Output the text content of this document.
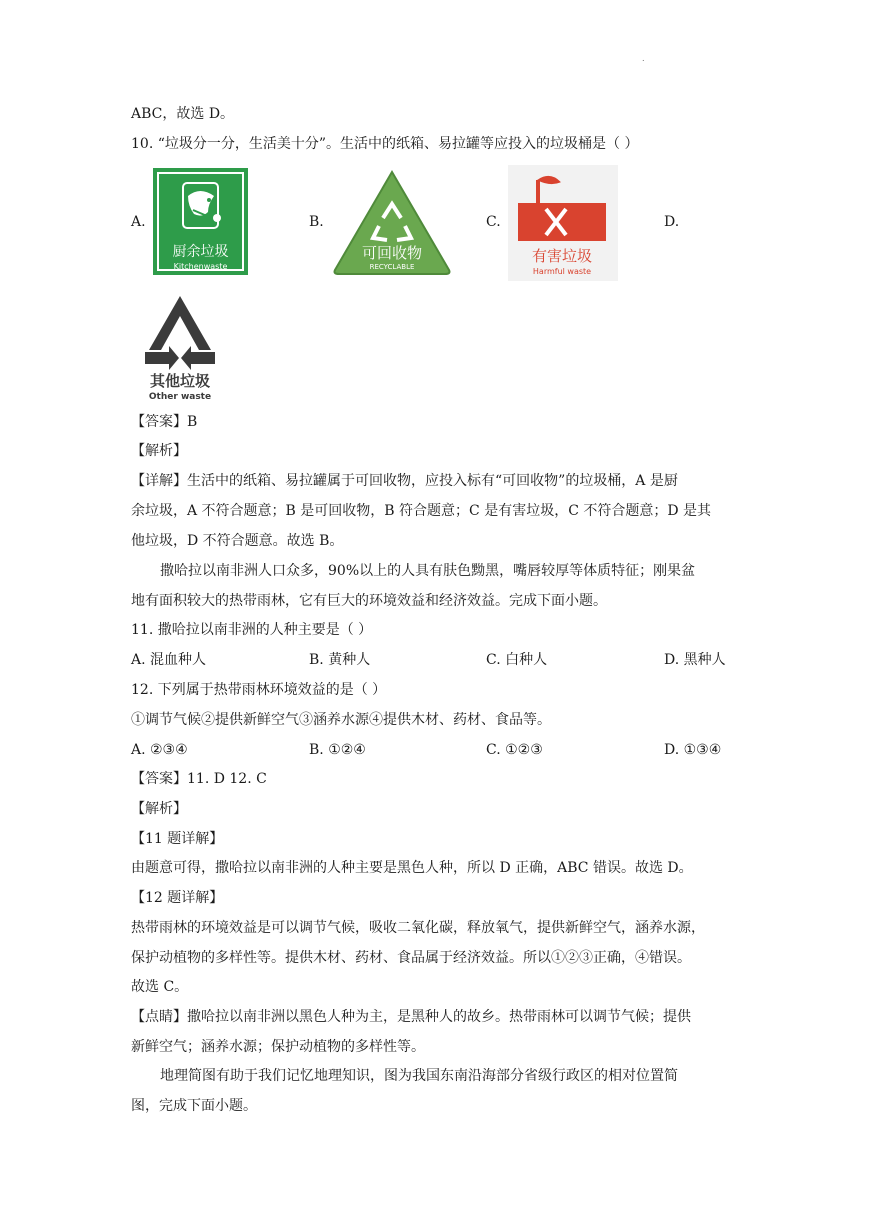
.
ABC，故选 D。
10. “垃圾分一分，生活美十分”。生活中的纸箱、易拉罐等应投入的垃圾桶是（ ）
A.
厨余垃圾
Kitchenwaste
B.
可回收物
RECYCLABLE
C.
有害垃圾
Harmful waste
D.
其他垃圾
Other waste
【答案】B
【解析】
【详解】生活中的纸箱、易拉罐属于可回收物，应投入标有“可回收物”的垃圾桶，A 是厨
余垃圾，A 不符合题意；B 是可回收物，B 符合题意；C 是有害垃圾，C 不符合题意；D 是其
他垃圾，D 不符合题意。故选 B。
撒哈拉以南非洲人口众多，90%以上的人具有肤色黝黑，嘴唇较厚等体质特征；刚果盆
地有面积较大的热带雨林，它有巨大的环境效益和经济效益。完成下面小题。
11. 撒哈拉以南非洲的人种主要是（ ）
A. 混血种人	B. 黄种人	C. 白种人	D. 黑种人
12. 下列属于热带雨林环境效益的是（ ）
①调节气候②提供新鲜空气③涵养水源④提供木材、药材、食品等。
A. ②③④	B. ①②④	C. ①②③	D. ①③④
【答案】11. D 12. C
【解析】
【11 题详解】
由题意可得，撒哈拉以南非洲的人种主要是黑色人种，所以 D 正确，ABC 错误。故选 D。
【12 题详解】
热带雨林的环境效益是可以调节气候，吸收二氧化碳，释放氧气，提供新鲜空气，涵养水源，
保护动植物的多样性等。提供木材、药材、食品属于经济效益。所以①②③正确，④错误。
故选 C。
【点睛】撒哈拉以南非洲以黑色人种为主，是黑种人的故乡。热带雨林可以调节气候；提供
新鲜空气；涵养水源；保护动植物的多样性等。
地理简图有助于我们记忆地理知识，图为我国东南沿海部分省级行政区的相对位置简
图，完成下面小题。
